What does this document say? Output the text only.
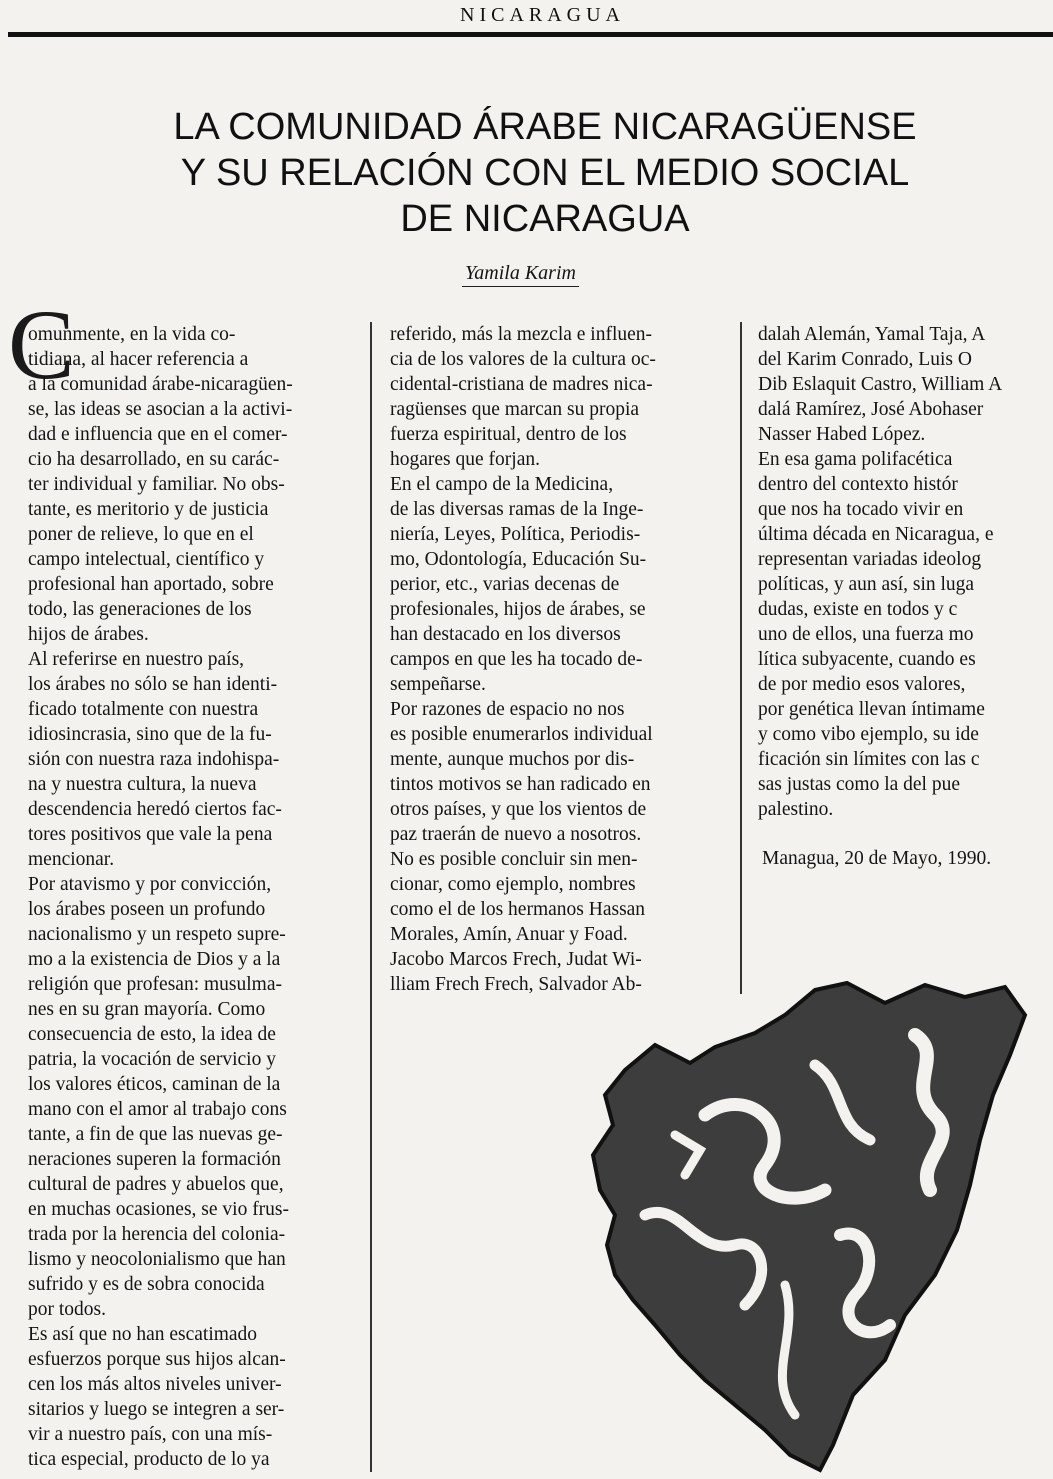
NICARAGUA
LA COMUNIDAD ÁRABE NICARAGÜENSE
Y SU RELACIÓN CON EL MEDIO SOCIAL
DE NICARAGUA
Yamila Karim
C

omunmente, en la vida co-

tidiana, al hacer referencia a

a la comunidad árabe-nicaragüen-

se, las ideas se asocian a la activi-

dad e influencia que en el comer-

cio ha desarrollado, en su carác-

ter individual y familiar. No obs-

tante, es meritorio y de justicia

poner de relieve, lo que en el

campo intelectual, científico y

profesional han aportado, sobre

todo, las generaciones de los

hijos de árabes.

Al referirse en nuestro país,

los árabes no sólo se han identi-

ficado totalmente con nuestra

idiosincrasia, sino que de la fu-

sión con nuestra raza indohispa-

na y nuestra cultura, la nueva

descendencia heredó ciertos fac-

tores positivos que vale la pena

mencionar.

Por atavismo y por convicción,

los árabes poseen un profundo

nacionalismo y un respeto supre-

mo a la existencia de Dios y a la

religión que profesan: musulma-

nes en su gran mayoría. Como

consecuencia de esto, la idea de

patria, la vocación de servicio y

los valores éticos, caminan de la

mano con el amor al trabajo cons

tante, a fin de que las nuevas ge-

neraciones superen la formación

cultural de padres y abuelos que,

en muchas ocasiones, se vio frus-

trada por la herencia del colonia-

lismo y neocolonialismo que han

sufrido y es de sobra conocida

por todos.

Es así que no han escatimado

esfuerzos porque sus hijos alcan-

cen los más altos niveles univer-

sitarios y luego se integren a ser-

vir a nuestro país, con una mís-

tica especial, producto de lo ya

referido, más la mezcla e influen-

cia de los valores de la cultura oc-

cidental-cristiana de madres nica-

ragüenses que marcan su propia

fuerza espiritual, dentro de los

hogares que forjan.

En el campo de la Medicina,

de las diversas ramas de la Inge-

niería, Leyes, Política, Periodis-

mo, Odontología, Educación Su-

perior, etc., varias decenas de

profesionales, hijos de árabes, se

han destacado en los diversos

campos en que les ha tocado de-

sempeñarse.

Por razones de espacio no nos

es posible enumerarlos individual

mente, aunque muchos por dis-

tintos motivos se han radicado en

otros países, y que los vientos de

paz traerán de nuevo a nosotros.

No es posible concluir sin men-

cionar, como ejemplo, nombres

como el de los hermanos Hassan

Morales, Amín, Anuar y Foad.

Jacobo Marcos Frech, Judat Wi-

lliam Frech Frech, Salvador Ab-

dalah Alemán, Yamal Taja, A

del Karim Conrado, Luis O

Dib Eslaquit Castro, William A

dalá Ramírez, José Abohaser

Nasser Habed López.

En esa gama polifacética

dentro del contexto histór

que nos ha tocado vivir en

última década en Nicaragua, e

representan variadas ideolog

políticas, y aun así, sin luga

dudas, existe en todos y c

uno de ellos, una fuerza mo

lítica subyacente, cuando es

de por medio esos valores,

por genética llevan íntimame

y como vibo ejemplo, su ide

ficación sin límites con las c

sas justas como la del pue

palestino.

Managua, 20 de Mayo, 1990.
